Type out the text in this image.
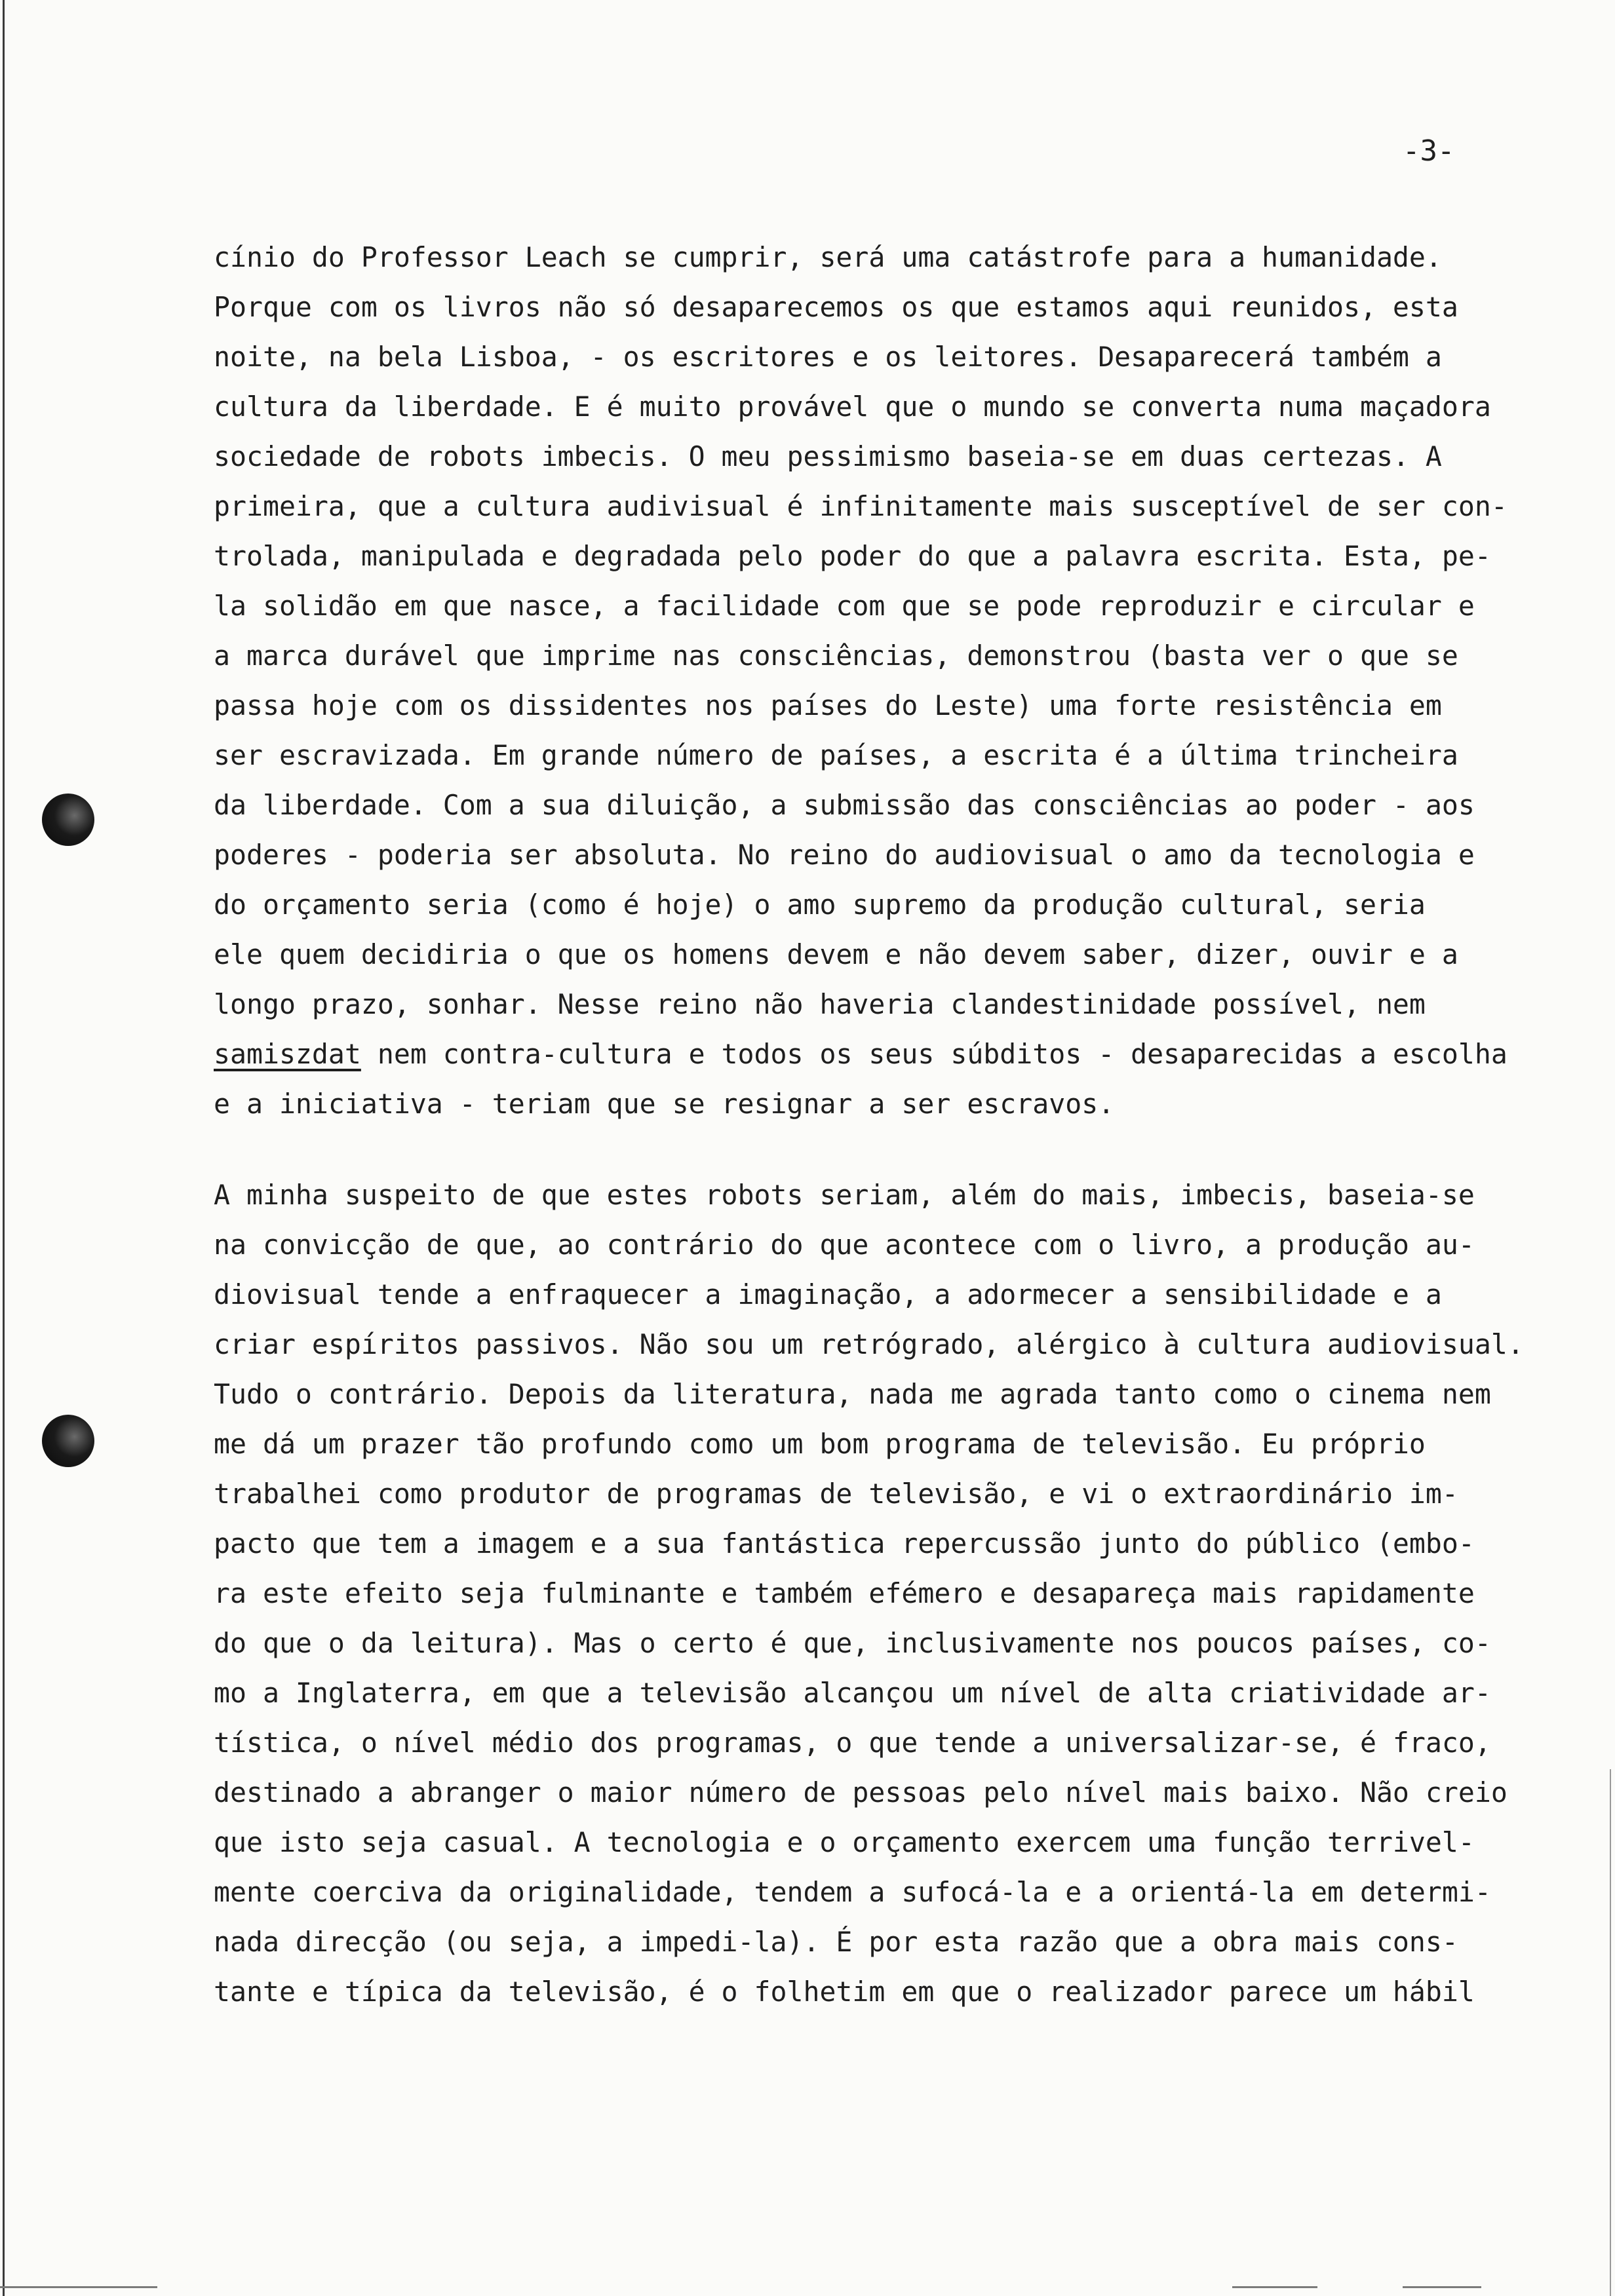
-3-
cínio do Professor Leach se cumprir, será uma catástrofe para a humanidade.
Porque com os livros não só desaparecemos os que estamos aqui reunidos, esta
noite, na bela Lisboa, - os escritores e os leitores. Desaparecerá também a
cultura da liberdade. E é muito provável que o mundo se converta numa maçadora
sociedade de robots imbecis. O meu pessimismo baseia-se em duas certezas. A
primeira, que a cultura audivisual é infinitamente mais susceptível de ser con-
trolada, manipulada e degradada pelo poder do que a palavra escrita. Esta, pe-
la solidão em que nasce, a facilidade com que se pode reproduzir e circular e
a marca durável que imprime nas consciências, demonstrou (basta ver o que se
passa hoje com os dissidentes nos países do Leste) uma forte resistência em
ser escravizada. Em grande número de países, a escrita é a última trincheira
da liberdade. Com a sua diluição, a submissão das consciências ao poder - aos
poderes - poderia ser absoluta. No reino do audiovisual o amo da tecnologia e
do orçamento seria (como é hoje) o amo supremo da produção cultural, seria
ele quem decidiria o que os homens devem e não devem saber, dizer, ouvir e a
longo prazo, sonhar. Nesse reino não haveria clandestinidade possível, nem
samiszdat nem contra-cultura e todos os seus súbditos - desaparecidas a escolha
e a iniciativa - teriam que se resignar a ser escravos.
A minha suspeito de que estes robots seriam, além do mais, imbecis, baseia-se
na convicção de que, ao contrário do que acontece com o livro, a produção au-
diovisual tende a enfraquecer a imaginação, a adormecer a sensibilidade e a
criar espíritos passivos. Não sou um retrógrado, alérgico à cultura audiovisual.
Tudo o contrário. Depois da literatura, nada me agrada tanto como o cinema nem
me dá um prazer tão profundo como um bom programa de televisão. Eu próprio
trabalhei como produtor de programas de televisão, e vi o extraordinário im-
pacto que tem a imagem e a sua fantástica repercussão junto do público (embo-
ra este efeito seja fulminante e também efémero e desapareça mais rapidamente
do que o da leitura). Mas o certo é que, inclusivamente nos poucos países, co-
mo a Inglaterra, em que a televisão alcançou um nível de alta criatividade ar-
tística, o nível médio dos programas, o que tende a universalizar-se, é fraco,
destinado a abranger o maior número de pessoas pelo nível mais baixo. Não creio
que isto seja casual. A tecnologia e o orçamento exercem uma função terrivel-
mente coerciva da originalidade, tendem a sufocá-la e a orientá-la em determi-
nada direcção (ou seja, a impedi-la). É por esta razão que a obra mais cons-
tante e típica da televisão, é o folhetim em que o realizador parece um hábil
